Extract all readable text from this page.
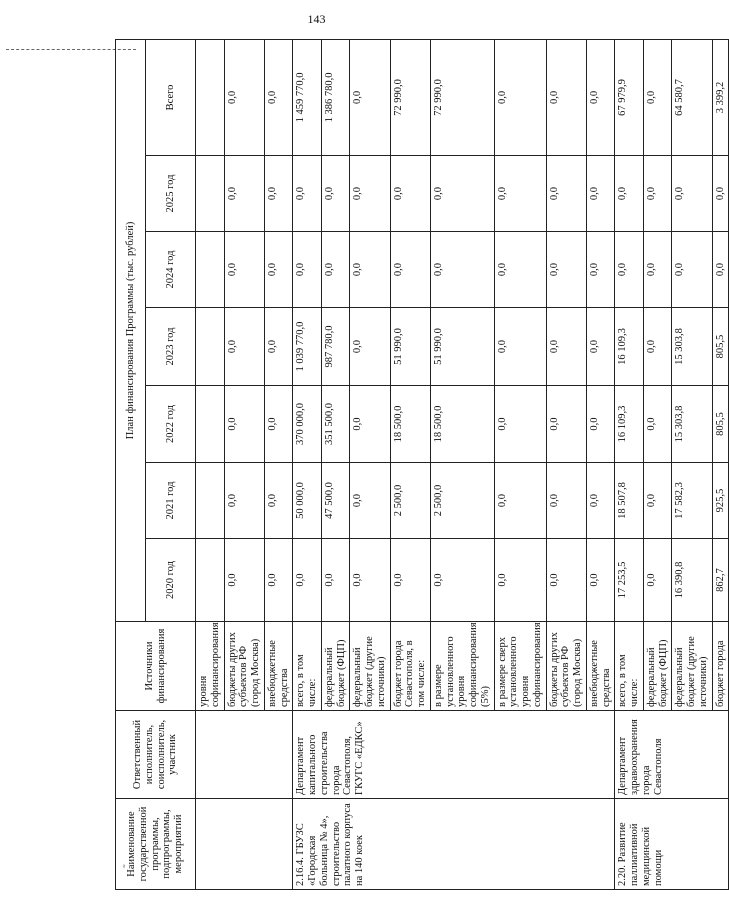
143
Наименование государственной программы, подпрограммы, мероприятий	Ответственный исполнитель, соисполнитель, участник	Источники финансирования	План финансирования Программы (тыс. рублей)						
			2020 год	2021 год	2022 год	2023 год	2024 год	2025 год	Всего
		уровня софинансирования							
		бюджеты других субъектов РФ (город Москва)	0,0	0,0	0,0	0,0	0,0	0,0	0,0
		внебюджетные средства	0,0	0,0	0,0	0,0	0,0	0,0	0,0
2.16.4. ГБУЗС «Городская больница № 4», строительство палатного корпуса на 140 коек	Департамент капитального строительства города Севастополя, ГКУГС «ЕДКС»	всего, в том числе:	0,0	50 000,0	370 000,0	1 039 770,0	0,0	0,0	1 459 770,0
		федеральный бюджет (ФЦП)	0,0	47 500,0	351 500,0	987 780,0	0,0	0,0	1 386 780,0
		федеральный бюджет (другие источники)	0,0	0,0	0,0	0,0	0,0	0,0	0,0
		бюджет города Севастополя, в том числе:	0,0	2 500,0	18 500,0	51 990,0	0,0	0,0	72 990,0
		в размере установленного уровня софинансирования (5%)	0,0	2 500,0	18 500,0	51 990,0	0,0	0,0	72 990,0
		в размере сверх установленного уровня софинансирования	0,0	0,0	0,0	0,0	0,0	0,0	0,0
		бюджеты других субъектов РФ (город Москва)	0,0	0,0	0,0	0,0	0,0	0,0	0,0
		внебюджетные средства	0,0	0,0	0,0	0,0	0,0	0,0	0,0
2.20. Развитие паллиативной медицинской помощи	Департамент здравоохранения города Севастополя	всего, в том числе:	17 253,5	18 507,8	16 109,3	16 109,3	0,0	0,0	67 979,9
		федеральный бюджет (ФЦП)	0,0	0,0	0,0	0,0	0,0	0,0	0,0
		федеральный бюджет (другие источники)	16 390,8	17 582,3	15 303,8	15 303,8	0,0	0,0	64 580,7
		бюджет города	862,7	925,5	805,5	805,5	0,0	0,0	3 399,2
